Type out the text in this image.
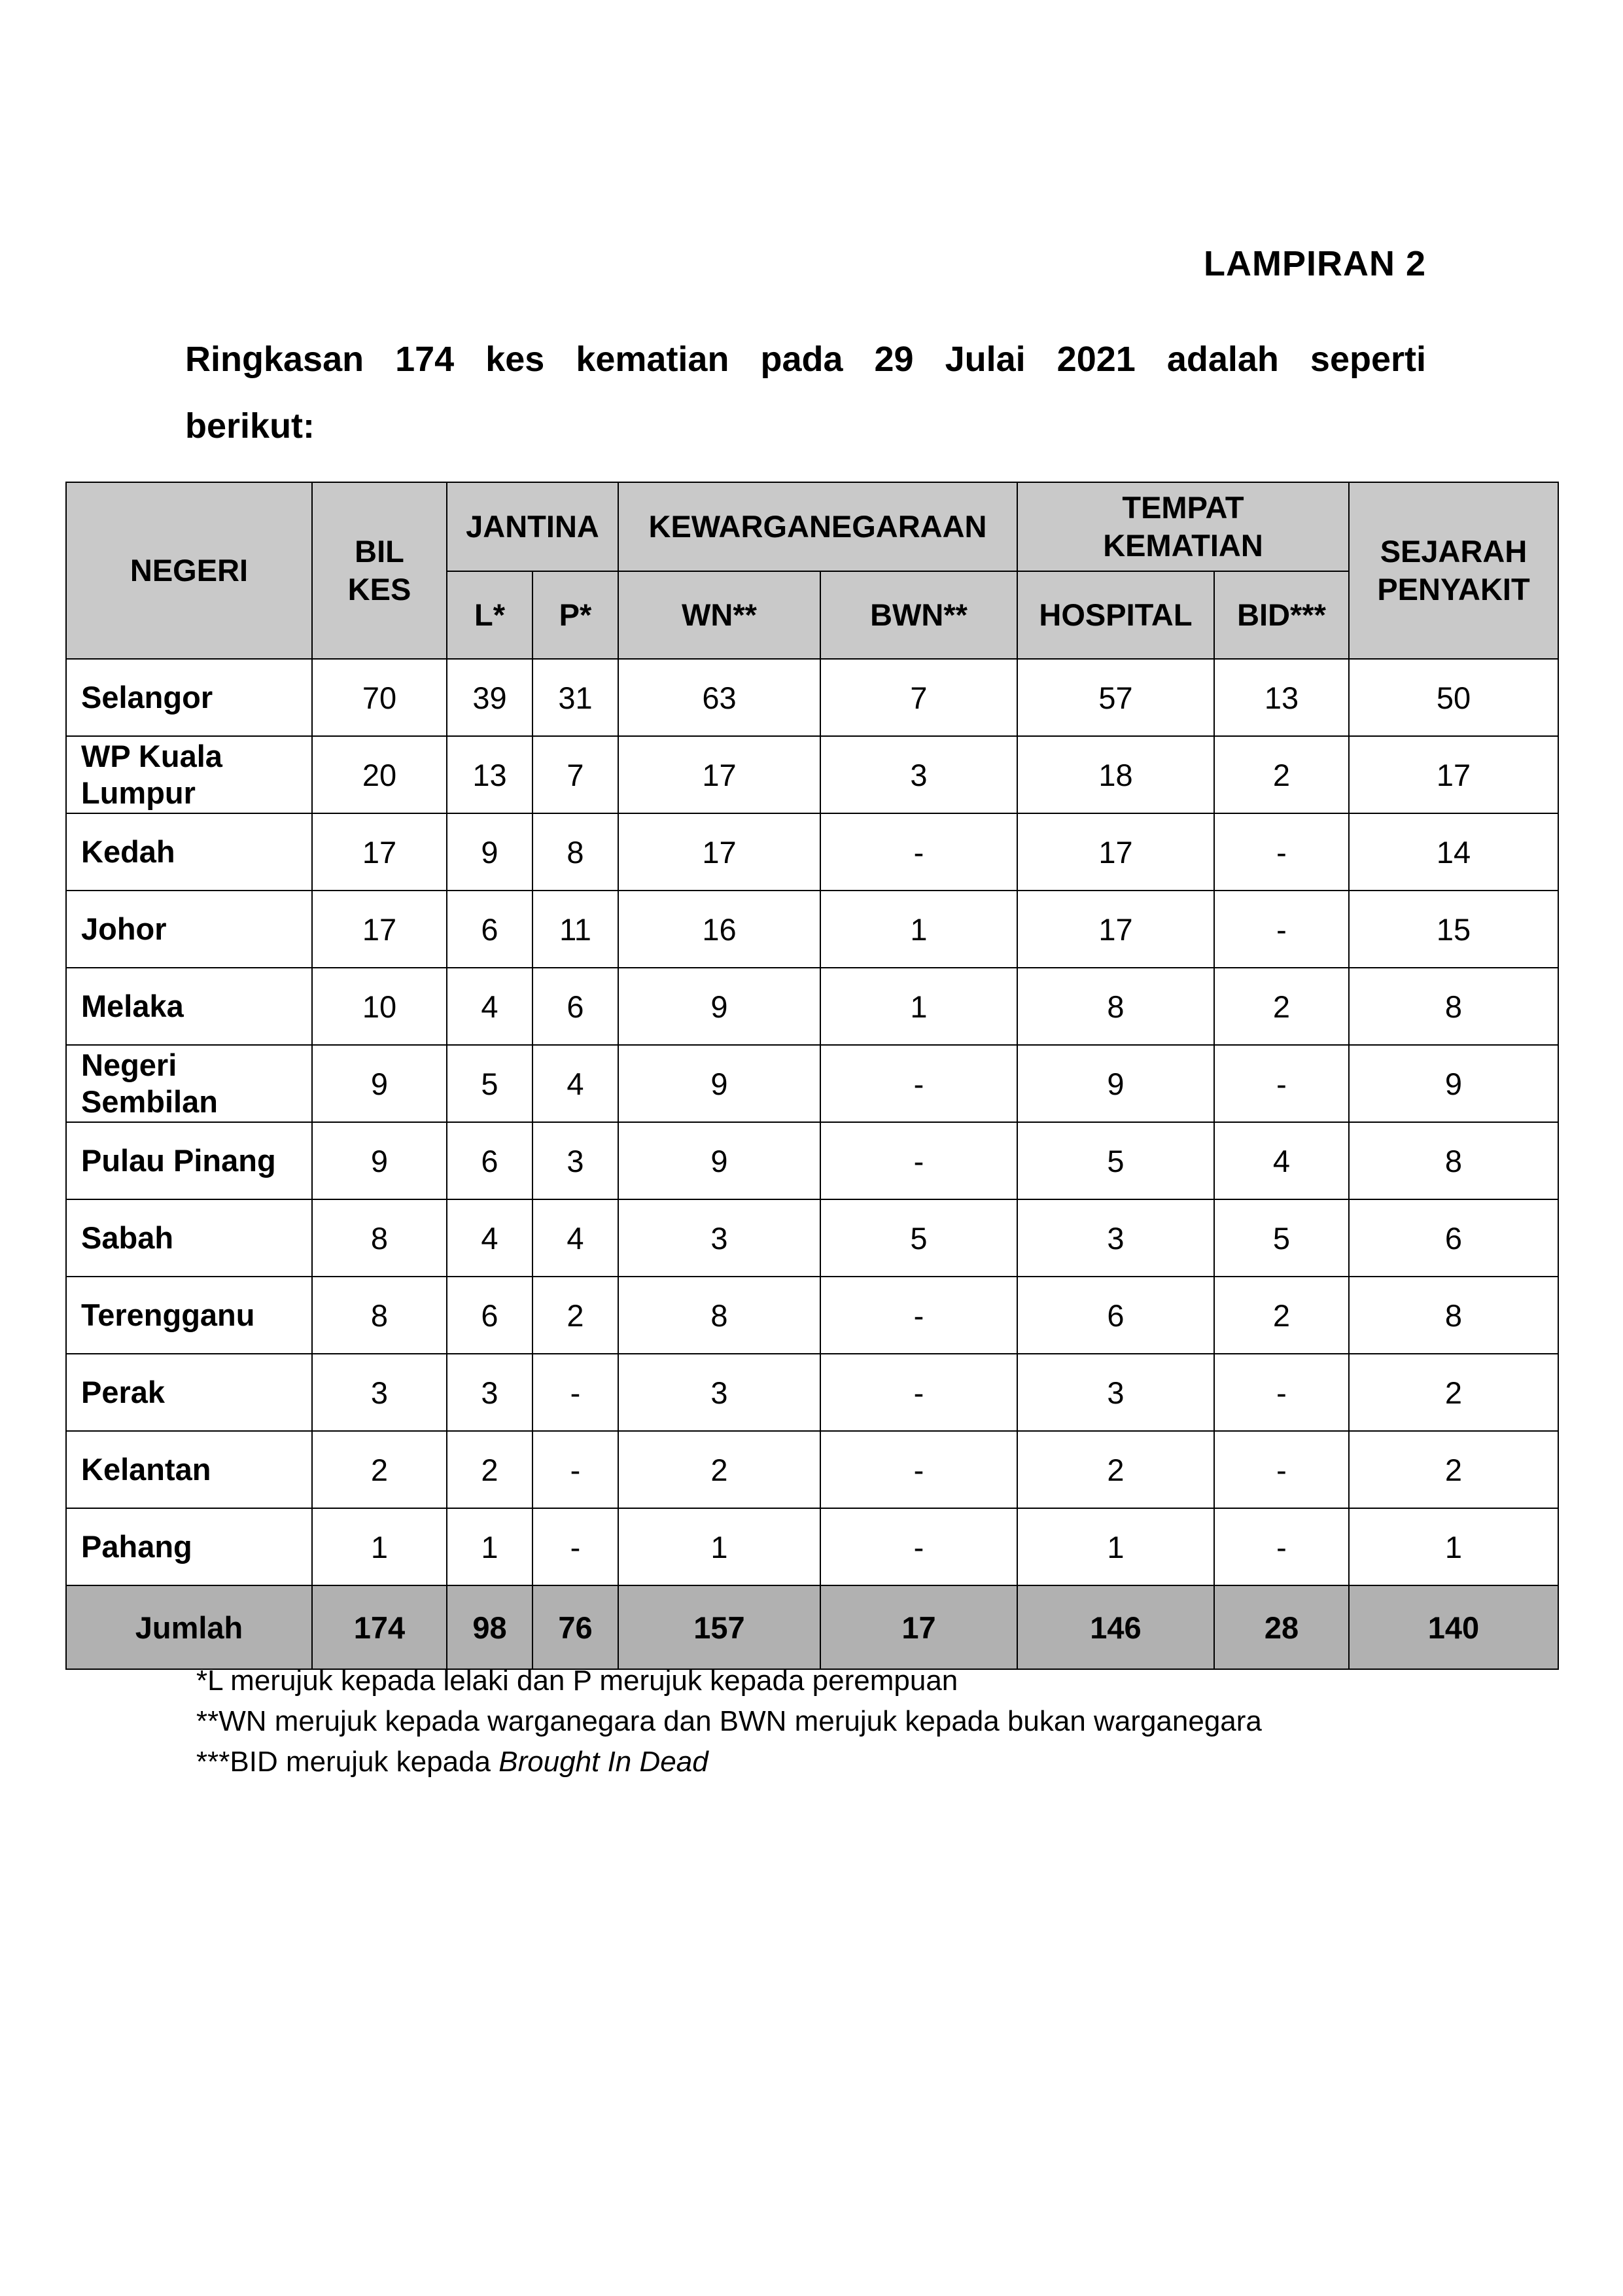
LAMPIRAN 2
Ringkasan 174 kes kematian pada 29 Julai 2021 adalah seperti berikut:
NEGERI	BIL KES	JANTINA		KEWARGANEGARAAN		TEMPAT KEMATIAN		SEJARAH PENYAKIT

		L*	P*	WN**	BWN**	HOSPITAL	BID***	
Selangor	70	39	31	63	7	57	13	50
WP Kuala Lumpur	20	13	7	17	3	18	2	17
Kedah	17	9	8	17	-	17	-	14
Johor	17	6	11	16	1	17	-	15
Melaka	10	4	6	9	1	8	2	8
Negeri Sembilan	9	5	4	9	-	9	-	9
Pulau Pinang	9	6	3	9	-	5	4	8
Sabah	8	4	4	3	5	3	5	6
Terengganu	8	6	2	8	-	6	2	8
Perak	3	3	-	3	-	3	-	2
Kelantan	2	2	-	2	-	2	-	2
Pahang	1	1	-	1	-	1	-	1
Jumlah	174	98	76	157	17	146	28	140
*L merujuk kepada lelaki dan P merujuk kepada perempuan
**WN merujuk kepada warganegara dan BWN merujuk kepada bukan warganegara
***BID merujuk kepada Brought In Dead
